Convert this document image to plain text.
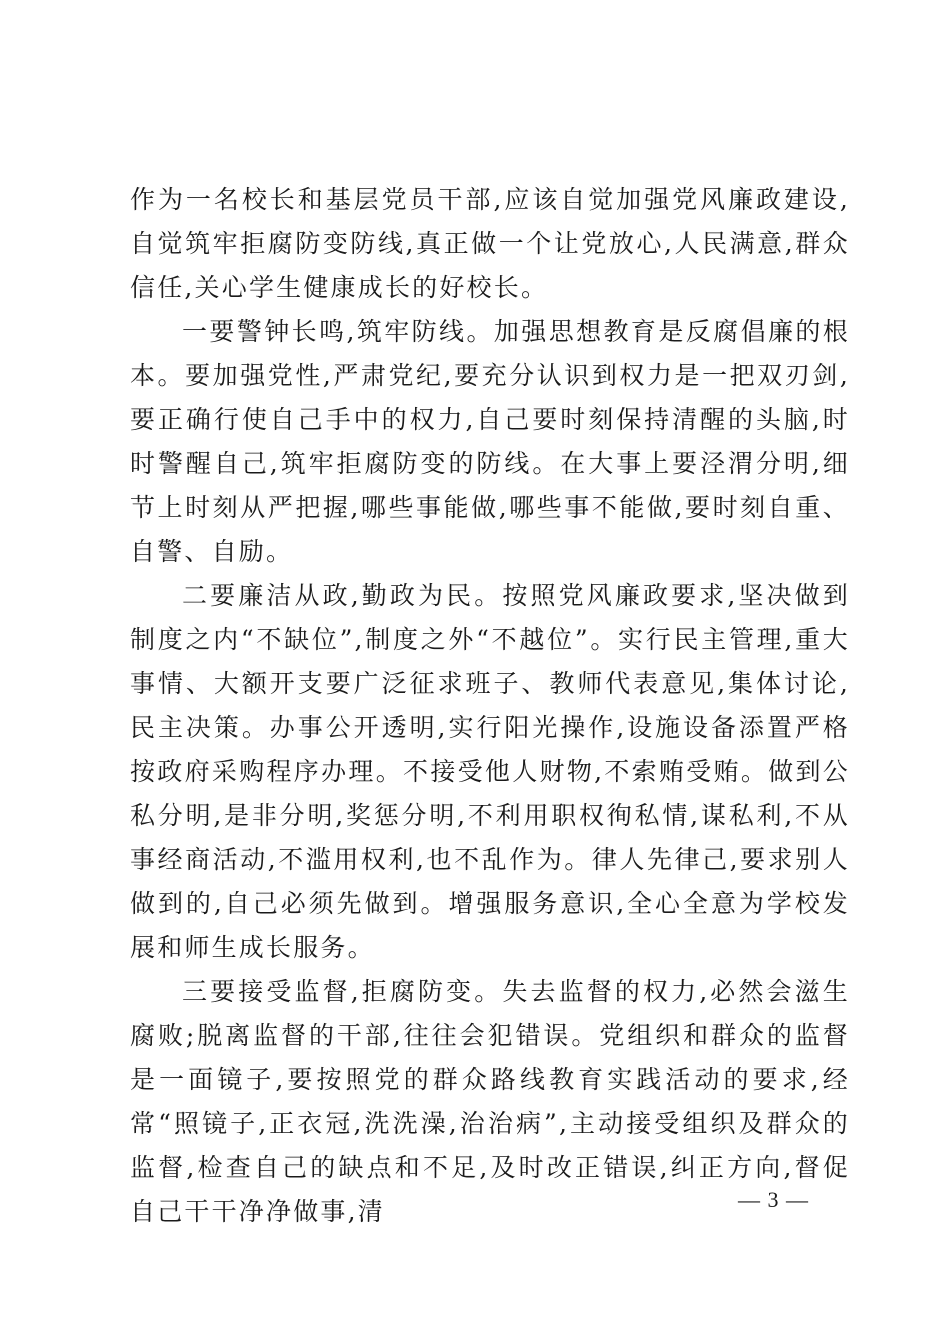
作为一名校长和基层党员干部,应该自觉加强党风廉政建设,自觉筑牢拒腐防变防线,真正做一个让党放心,人民满意,群众信任,关心学生健康成长的好校长。

一要警钟长鸣,筑牢防线。加强思想教育是反腐倡廉的根本。要加强党性,严肃党纪,要充分认识到权力是一把双刃剑,要正确行使自己手中的权力,自己要时刻保持清醒的头脑,时时警醒自己,筑牢拒腐防变的防线。在大事上要泾渭分明,细节上时刻从严把握,哪些事能做,哪些事不能做,要时刻自重、自警、自励。

二要廉洁从政,勤政为民。按照党风廉政要求,坚决做到制度之内“不缺位”,制度之外“不越位”。实行民主管理,重大事情、大额开支要广泛征求班子、教师代表意见,集体讨论,民主决策。办事公开透明,实行阳光操作,设施设备添置严格按政府采购程序办理。不接受他人财物,不索贿受贿。做到公私分明,是非分明,奖惩分明,不利用职权徇私情,谋私利,不从事经商活动,不滥用权利,也不乱作为。律人先律己,要求别人做到的,自己必须先做到。增强服务意识,全心全意为学校发展和师生成长服务。

三要接受监督,拒腐防变。失去监督的权力,必然会滋生腐败;脱离监督的干部,往往会犯错误。党组织和群众的监督是一面镜子,要按照党的群众路线教育实践活动的要求,经常“照镜子,正衣冠,洗洗澡,治治病”,主动接受组织及群众的监督,检查自己的缺点和不足,及时改正错误,纠正方向,督促自己干干净净做事,清	— 3 —
